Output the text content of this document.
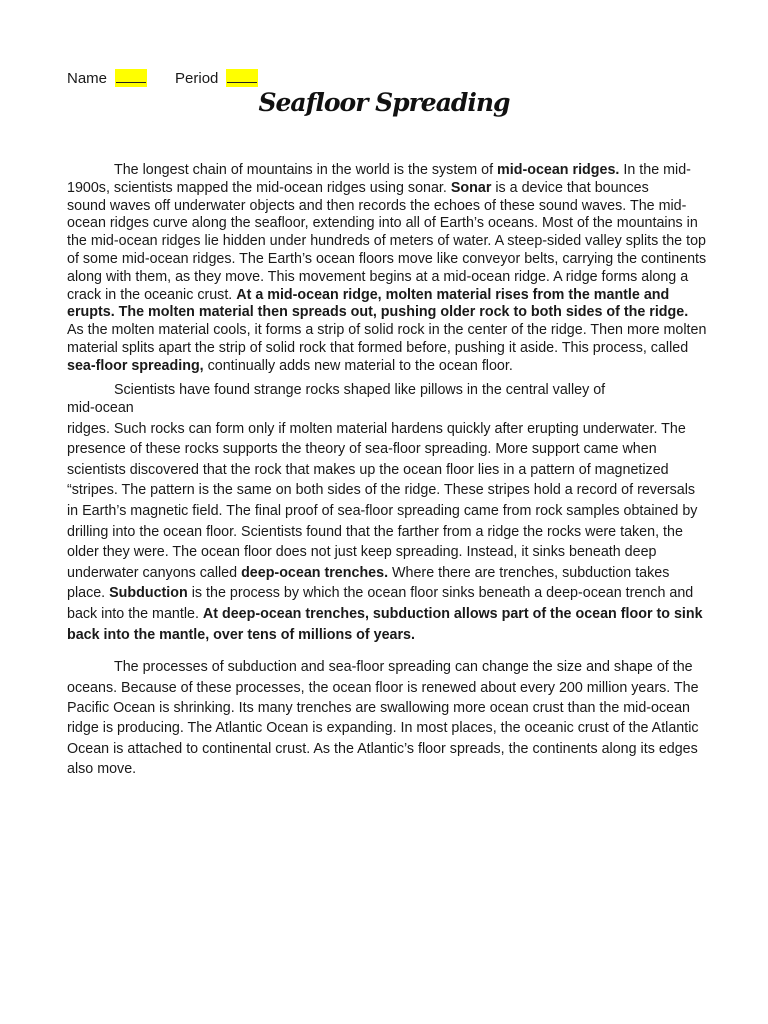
Name	Period
Seafloor Spreading

The longest chain of mountains in the world is the system of mid-ocean ridges. In the mid-1900s, scientists mapped the mid-ocean ridges using sonar. Sonar is a device that bounces
sound waves off underwater objects and then records the echoes of these sound waves. The mid-ocean ridges curve along the seafloor, extending into all of Earth’s oceans. Most of the mountains in the mid-ocean ridges lie hidden under hundreds of meters of water. A steep-sided valley splits the top of some mid-ocean ridges. The Earth’s ocean floors move like conveyor belts, carrying the continents along with them, as they move. This movement begins at a mid-ocean ridge. A ridge forms along a crack in the oceanic crust. At a mid-ocean ridge, molten material rises from the mantle and erupts. The molten material then spreads out, pushing older rock to both sides of the ridge. As the molten material cools, it forms a strip of solid rock in the center of the ridge. Then more molten material splits apart the strip of solid rock that formed before, pushing it aside. This process, called sea-floor spreading, continually adds new material to the ocean floor.

Scientists have found strange rocks shaped like pillows in the central valley of
mid-ocean

ridges. Such rocks can form only if molten material hardens quickly after erupting underwater. The presence of these rocks supports the theory of sea-floor spreading. More support came when scientists discovered that the rock that makes up the ocean floor lies in a pattern of magnetized “stripes. The pattern is the same on both sides of the ridge. These stripes hold a record of reversals in Earth’s magnetic field. The final proof of sea-floor spreading came from rock samples obtained by drilling into the ocean floor. Scientists found that the farther from a ridge the rocks were taken, the older they were. The ocean floor does not just keep spreading. Instead, it sinks beneath deep underwater canyons called deep-ocean trenches. Where there are trenches, subduction takes place. Subduction is the process by which the ocean floor sinks beneath a deep-ocean trench and back into the mantle. At deep-ocean trenches, subduction allows part of the ocean floor to sink back into the mantle, over tens of millions of years.

The processes of subduction and sea-floor spreading can change the size and shape of the oceans. Because of these processes, the ocean floor is renewed about every 200 million years. The Pacific Ocean is shrinking. Its many trenches are swallowing more ocean crust than the mid-ocean ridge is producing. The Atlantic Ocean is expanding. In most places, the oceanic crust of the Atlantic Ocean is attached to continental crust. As the Atlantic’s floor spreads, the continents along its edges also move.
